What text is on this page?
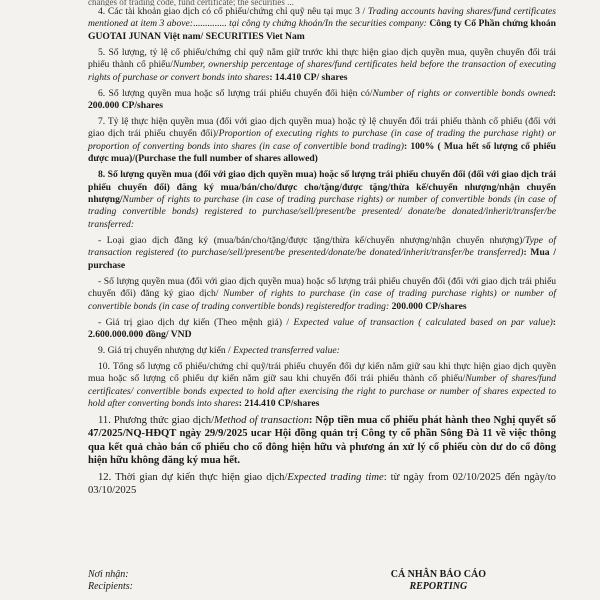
changes of trading code, fund certificate; the securities ...

4. Các tài khoản giao dịch có cổ phiếu/chứng chỉ quỹ nêu tại mục 3 / Trading accounts having shares/fund certificates mentioned at item 3 above:.............. tại công ty chứng khoán/In the securities company: Công ty Cổ Phần chứng khoán GUOTAI JUNAN Việt nam/ SECURITIES Viet Nam

5. Số lượng, tỷ lệ cổ phiếu/chứng chỉ quỹ nắm giữ trước khi thực hiện giao dịch quyền mua, quyền chuyển đổi trái phiếu thành cổ phiếu/Number, ownership percentage of shares/fund certificates held before the transaction of executing rights of purchase or convert bonds into shares: 14.410 CP/ shares

6. Số lượng quyền mua hoặc số lượng trái phiếu chuyển đổi hiện có/Number of rights or convertible bonds owned: 200.000 CP/shares

7. Tỷ lệ thực hiện quyền mua (đối với giao dịch quyền mua) hoặc tỷ lệ chuyển đổi trái phiếu thành cổ phiếu (đối với giao dịch trái phiếu chuyển đổi)/Proportion of executing rights to purchase (in case of trading the purchase right) or proportion of converting bonds into shares (in case of convertible bond trading): 100% ( Mua hết số lượng cổ phiếu được mua)/(Purchase the full number of shares allowed)

8. Số lượng quyền mua (đối với giao dịch quyền mua) hoặc số lượng trái phiếu chuyển đổi (đối với giao dịch trái phiếu chuyển đổi) đăng ký mua/bán/cho/được cho/tặng/được tặng/thừa kế/chuyển nhượng/nhận chuyển nhượng/Number of rights to purchase (in case of trading purchase rights) or number of convertible bonds (in case of trading convertible bonds) registered to purchase/sell/present/be presented/ donate/be donated/inherit/transfer/be transferred:

- Loại giao dịch đăng ký (mua/bán/cho/tặng/được tặng/thừa kế/chuyển nhượng/nhận chuyển nhượng)/Type of transaction registered (to purchase/sell/present/be presented/donate/be donated/inherit/transfer/be transferred): Mua / purchase

- Số lượng quyền mua (đối với giao dịch quyền mua) hoặc số lượng trái phiếu chuyển đổi (đối với giao dịch trái phiếu chuyển đổi) đăng ký giao dịch/ Number of rights to purchase (in case of trading purchase rights) or number of convertible bonds (in case of trading convertible bonds) registeredfor trading: 200.000 CP/shares

- Giá trị giao dịch dự kiến (Theo mệnh giá) / Expected value of transaction ( calculated based on par value): 2.600.000.000 đồng/ VND

9. Giá trị chuyển nhượng dự kiến / Expected transferred value:

10. Tổng số lượng cổ phiếu/chứng chỉ quỹ/trái phiếu chuyển đổi dự kiến nắm giữ sau khi thực hiện giao dịch quyền mua hoặc số lượng cổ phiếu dự kiến nắm giữ sau khi chuyển đổi trái phiếu thành cổ phiếu/Number of shares/fund certificates/ convertible bonds expected to hold after exercising the right to purchase or number of shares expected to hold after converting bonds into shares: 214.410 CP/shares

11. Phương thức giao dịch/Method of transaction: Nộp tiền mua cổ phiếu phát hành theo Nghị quyết số 47/2025/NQ-HĐQT ngày 29/9/2025 ucar Hội đồng quản trị Công ty cổ phần Sông Đà 11 về việc thông qua kết quả chào bán cổ phiếu cho cổ đông hiện hữu và phương án xử lý cổ phiếu còn dư do cổ đông hiện hữu không đăng ký mua hết.

12. Thời gian dự kiến thực hiện giao dịch/Expected trading time: từ ngày from 02/10/2025 đến ngày/to 03/10/2025

Nơi nhận:
Recipients:
CÁ NHÂN BÁO CÁO
REPORTING
